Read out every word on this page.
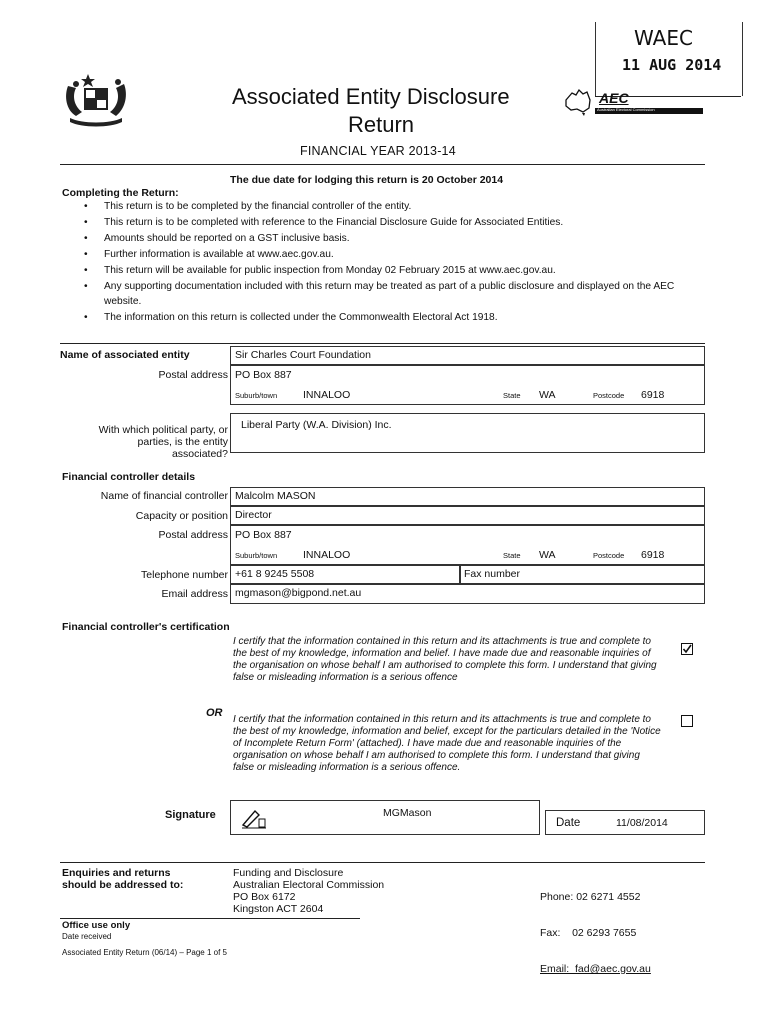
Associated Entity Disclosure
Return
FINANCIAL YEAR 2013-14
WAEC
11 AUG 2014
AEC
Australian Electoral Commission
The due date for lodging this return is 20 October 2014
Completing the Return:
• This return is to be completed by the financial controller of the entity.
• This return is to be completed with reference to the Financial Disclosure Guide for Associated Entities.
• Amounts should be reported on a GST inclusive basis.
• Further information is available at www.aec.gov.au.
• This return will be available for public inspection from Monday 02 February 2015 at www.aec.gov.au.
• Any supporting documentation included with this return may be treated as part of a public disclosure and displayed on the AEC website.
• The information on this return is collected under the Commonwealth Electoral Act 1918.
Name of associated entity	Sir Charles Court Foundation
Postal address PO Box 887
Suburb/town INNALOO	State WA	Postcode 6918
With which political party, or
parties, is the entity
associated?
Liberal Party (W.A. Division) Inc.
Financial controller details
Name of financial controller Malcolm MASON
Capacity or position Director
Postal address PO Box 887
Suburb/town INNALOO	State WA	Postcode 6918
Telephone number +61 8 9245 5508	Fax number
Email address mgmason@bigpond.net.au
Financial controller's certification
I certify that the information contained in this return and its attachments is true and complete to the best of my knowledge, information and belief. I have made due and reasonable inquiries of the organisation on whose behalf I am authorised to complete this form. I understand that giving false or misleading information is a serious offence
OR
I certify that the information contained in this return and its attachments is true and complete to the best of my knowledge, information and belief, except for the particulars detailed in the 'Notice of Incomplete Return Form' (attached). I have made due and reasonable inquiries of the organisation on whose behalf I am authorised to complete this form. I understand that giving false or misleading information is a serious offence.
Signature	MGMason
Date	11/08/2014
Enquiries and returns
should be addressed to:
Funding and Disclosure
Australian Electoral Commission
PO Box 6172
Kingston ACT 2604

Phone: 02 6271 4552

Fax:    02 6293 7655

Email:  fad@aec.gov.au

Office use only
Date received
Associated Entity Return (06/14) – Page 1 of 5
